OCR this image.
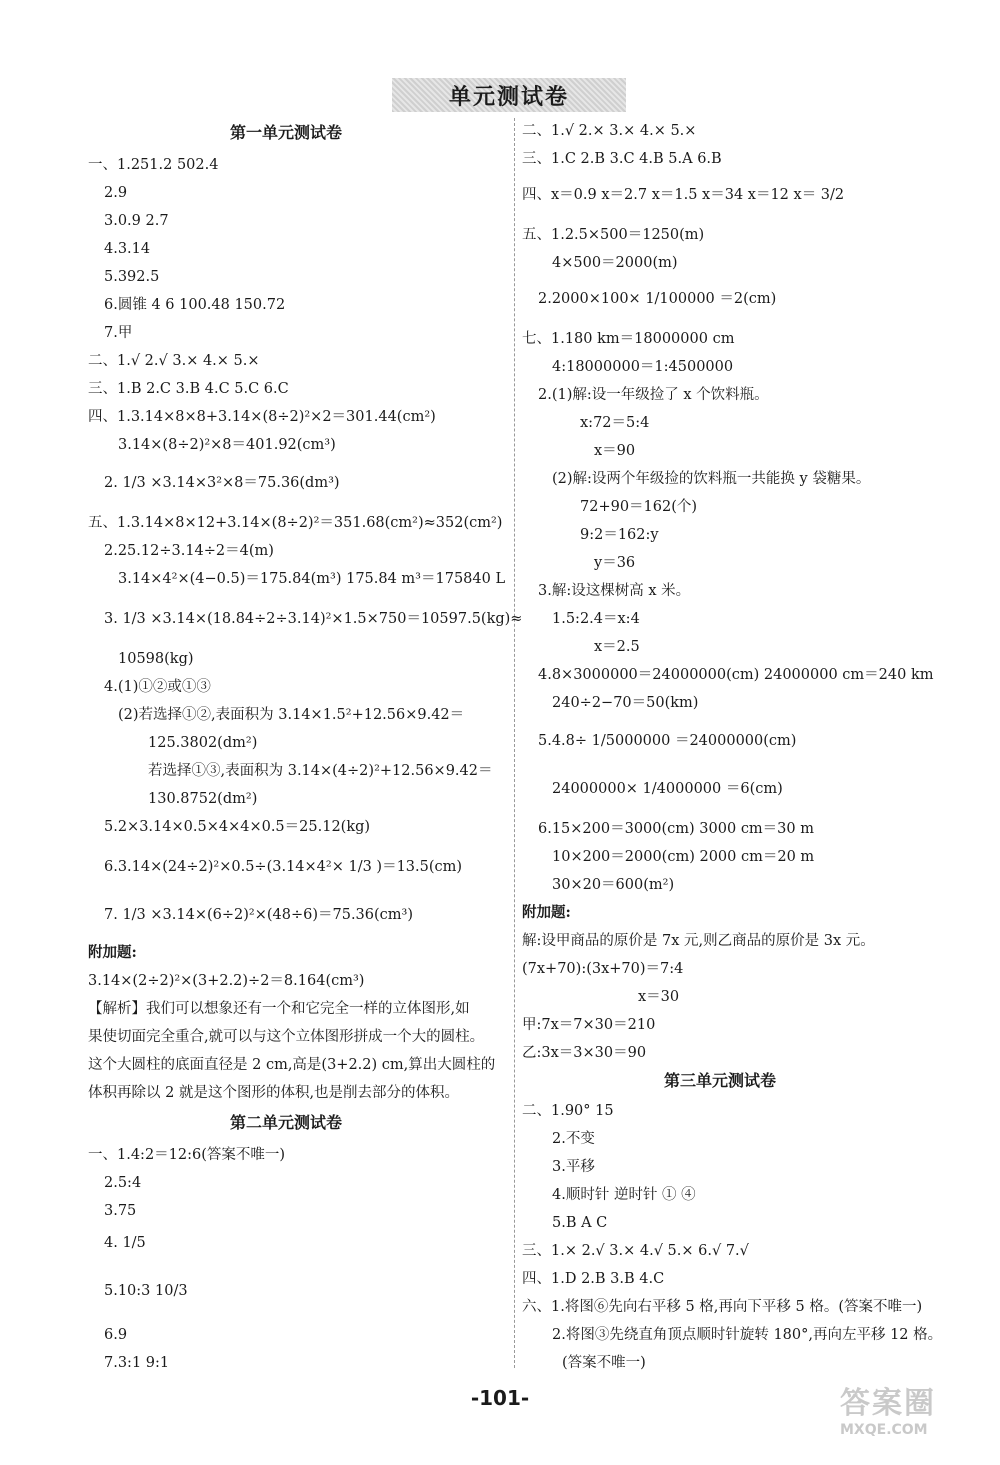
单元测试卷
第一单元测试卷
一、1.251.2 502.4
2.9
3.0.9 2.7
4.3.14
5.392.5
6.圆锥 4 6 100.48 150.72
7.甲
二、1.√ 2.√ 3.× 4.× 5.×
三、1.B 2.C 3.B 4.C 5.C 6.C
四、1.3.14×8×8+3.14×(8÷2)²×2＝301.44(cm²)
3.14×(8÷2)²×8＝401.92(cm³)
2. 1/3 ×3.14×3²×8＝75.36(dm³)
五、1.3.14×8×12+3.14×(8÷2)²＝351.68(cm²)≈352(cm²)
2.25.12÷3.14÷2＝4(m)
3.14×4²×(4−0.5)＝175.84(m³) 175.84 m³＝175840 L
3. 1/3 ×3.14×(18.84÷2÷3.14)²×1.5×750＝10597.5(kg)≈
10598(kg)
4.(1)①②或①③
(2)若选择①②,表面积为 3.14×1.5²+12.56×9.42＝
125.3802(dm²)
若选择①③,表面积为 3.14×(4÷2)²+12.56×9.42＝
130.8752(dm²)
5.2×3.14×0.5×4×4×0.5＝25.12(kg)
6.3.14×(24÷2)²×0.5÷(3.14×4²× 1/3 )＝13.5(cm)
7. 1/3 ×3.14×(6÷2)²×(48÷6)＝75.36(cm³)
附加题:
3.14×(2÷2)²×(3+2.2)÷2＝8.164(cm³)
【解析】我们可以想象还有一个和它完全一样的立体图形,如
果使切面完全重合,就可以与这个立体图形拼成一个大的圆柱。
这个大圆柱的底面直径是 2 cm,高是(3+2.2) cm,算出大圆柱的
体积再除以 2 就是这个图形的体积,也是削去部分的体积。
第二单元测试卷
一、1.4:2＝12:6(答案不唯一)
2.5:4
3.75
4. 1/5
5.10:3 10/3
6.9
7.3:1 9:1
二、1.√ 2.× 3.× 4.× 5.×
三、1.C 2.B 3.C 4.B 5.A 6.B
四、x＝0.9 x＝2.7 x＝1.5 x＝34 x＝12 x＝ 3/2
五、1.2.5×500＝1250(m)
4×500＝2000(m)
2.2000×100× 1/100000 ＝2(cm)
七、1.180 km＝18000000 cm
4:18000000＝1:4500000
2.(1)解:设一年级捡了 x 个饮料瓶。
x:72＝5:4
x＝90
(2)解:设两个年级捡的饮料瓶一共能换 y 袋糖果。
72+90＝162(个)
9:2＝162:y
y＝36
3.解:设这棵树高 x 米。
1.5:2.4＝x:4
x＝2.5
4.8×3000000＝24000000(cm) 24000000 cm＝240 km
240÷2−70＝50(km)
5.4.8÷ 1/5000000 ＝24000000(cm)
24000000× 1/4000000 ＝6(cm)
6.15×200＝3000(cm) 3000 cm＝30 m
10×200＝2000(cm) 2000 cm＝20 m
30×20＝600(m²)
附加题:
解:设甲商品的原价是 7x 元,则乙商品的原价是 3x 元。
(7x+70):(3x+70)＝7:4
x＝30
甲:7x＝7×30＝210
乙:3x＝3×30＝90
第三单元测试卷
二、1.90° 15
2.不变
3.平移
4.顺时针 逆时针 ① ④
5.B A C
三、1.× 2.√ 3.× 4.√ 5.× 6.√ 7.√
四、1.D 2.B 3.B 4.C
六、1.将图⑥先向右平移 5 格,再向下平移 5 格。(答案不唯一)
2.将图③先绕直角顶点顺时针旋转 180°,再向左平移 12 格。
(答案不唯一)
-101-	答案圈
MXQE.COM
